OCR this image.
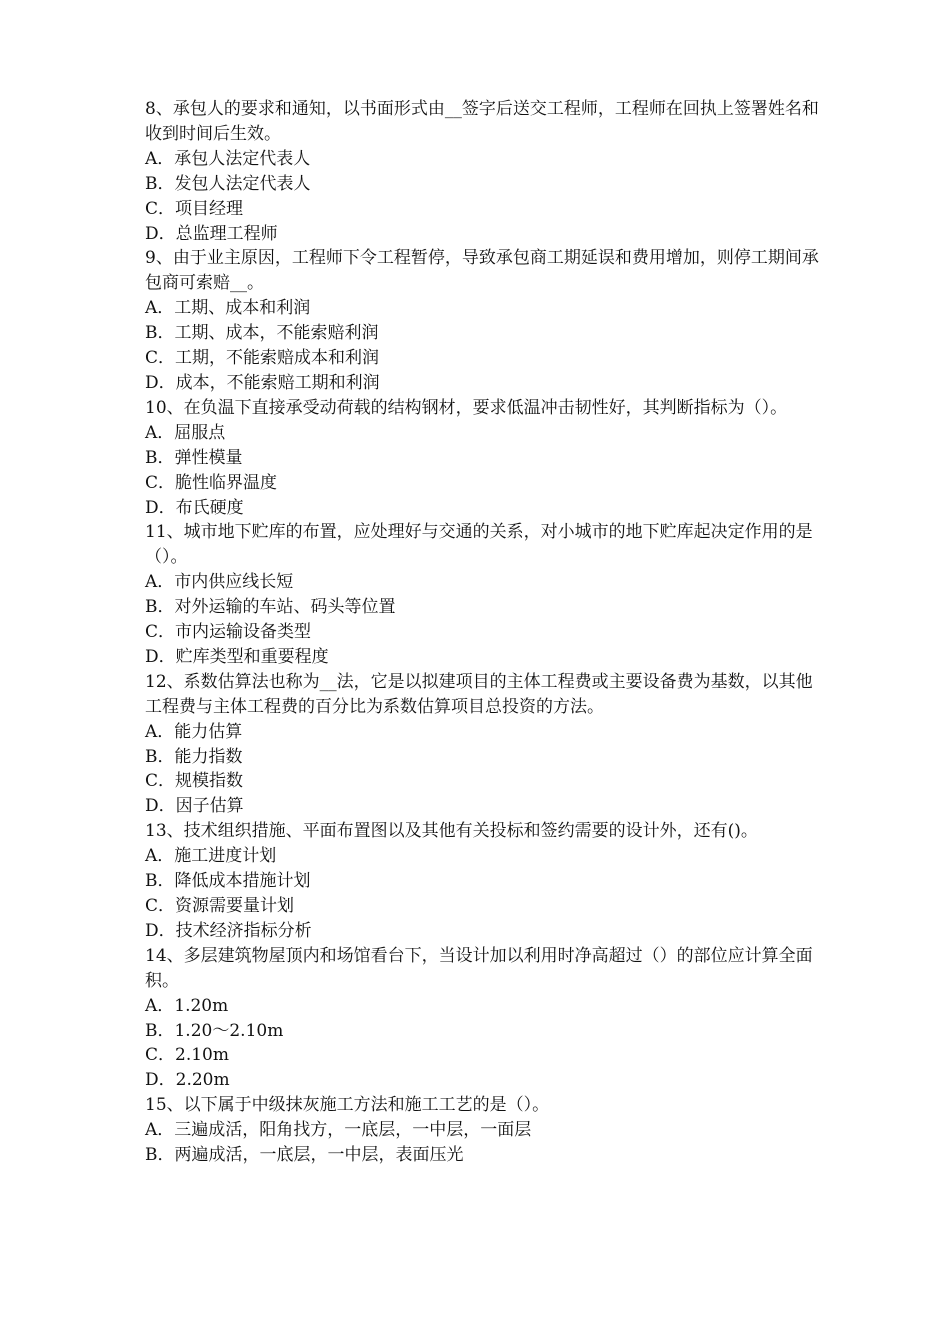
8、承包人的要求和通知，以书面形式由__签字后送交工程师，工程师在回执上签署姓名和收到时间后生效。

A．承包人法定代表人

B．发包人法定代表人

C．项目经理

D．总监理工程师

9、由于业主原因，工程师下令工程暂停，导致承包商工期延误和费用增加，则停工期间承包商可索赔__。

A．工期、成本和利润

B．工期、成本，不能索赔利润

C．工期，不能索赔成本和利润

D．成本，不能索赔工期和利润

10、在负温下直接承受动荷载的结构钢材，要求低温冲击韧性好，其判断指标为（）。

A．屈服点

B．弹性模量

C．脆性临界温度

D．布氏硬度

11、城市地下贮库的布置，应处理好与交通的关系，对小城市的地下贮库起决定作用的是（）。

A．市内供应线长短

B．对外运输的车站、码头等位置

C．市内运输设备类型

D．贮库类型和重要程度

12、系数估算法也称为__法，它是以拟建项目的主体工程费或主要设备费为基数，以其他工程费与主体工程费的百分比为系数估算项目总投资的方法。

A．能力估算

B．能力指数

C．规模指数

D．因子估算

13、技术组织措施、平面布置图以及其他有关投标和签约需要的设计外，还有()。

A．施工进度计划

B．降低成本措施计划

C．资源需要量计划

D．技术经济指标分析

14、多层建筑物屋顶内和场馆看台下，当设计加以利用时净高超过（）的部位应计算全面积。

A．1.20m

B．1.20～2.10m

C．2.10m

D．2.20m

15、以下属于中级抹灰施工方法和施工工艺的是（）。

A．三遍成活，阳角找方，一底层，一中层，一面层

B．两遍成活，一底层，一中层，表面压光
